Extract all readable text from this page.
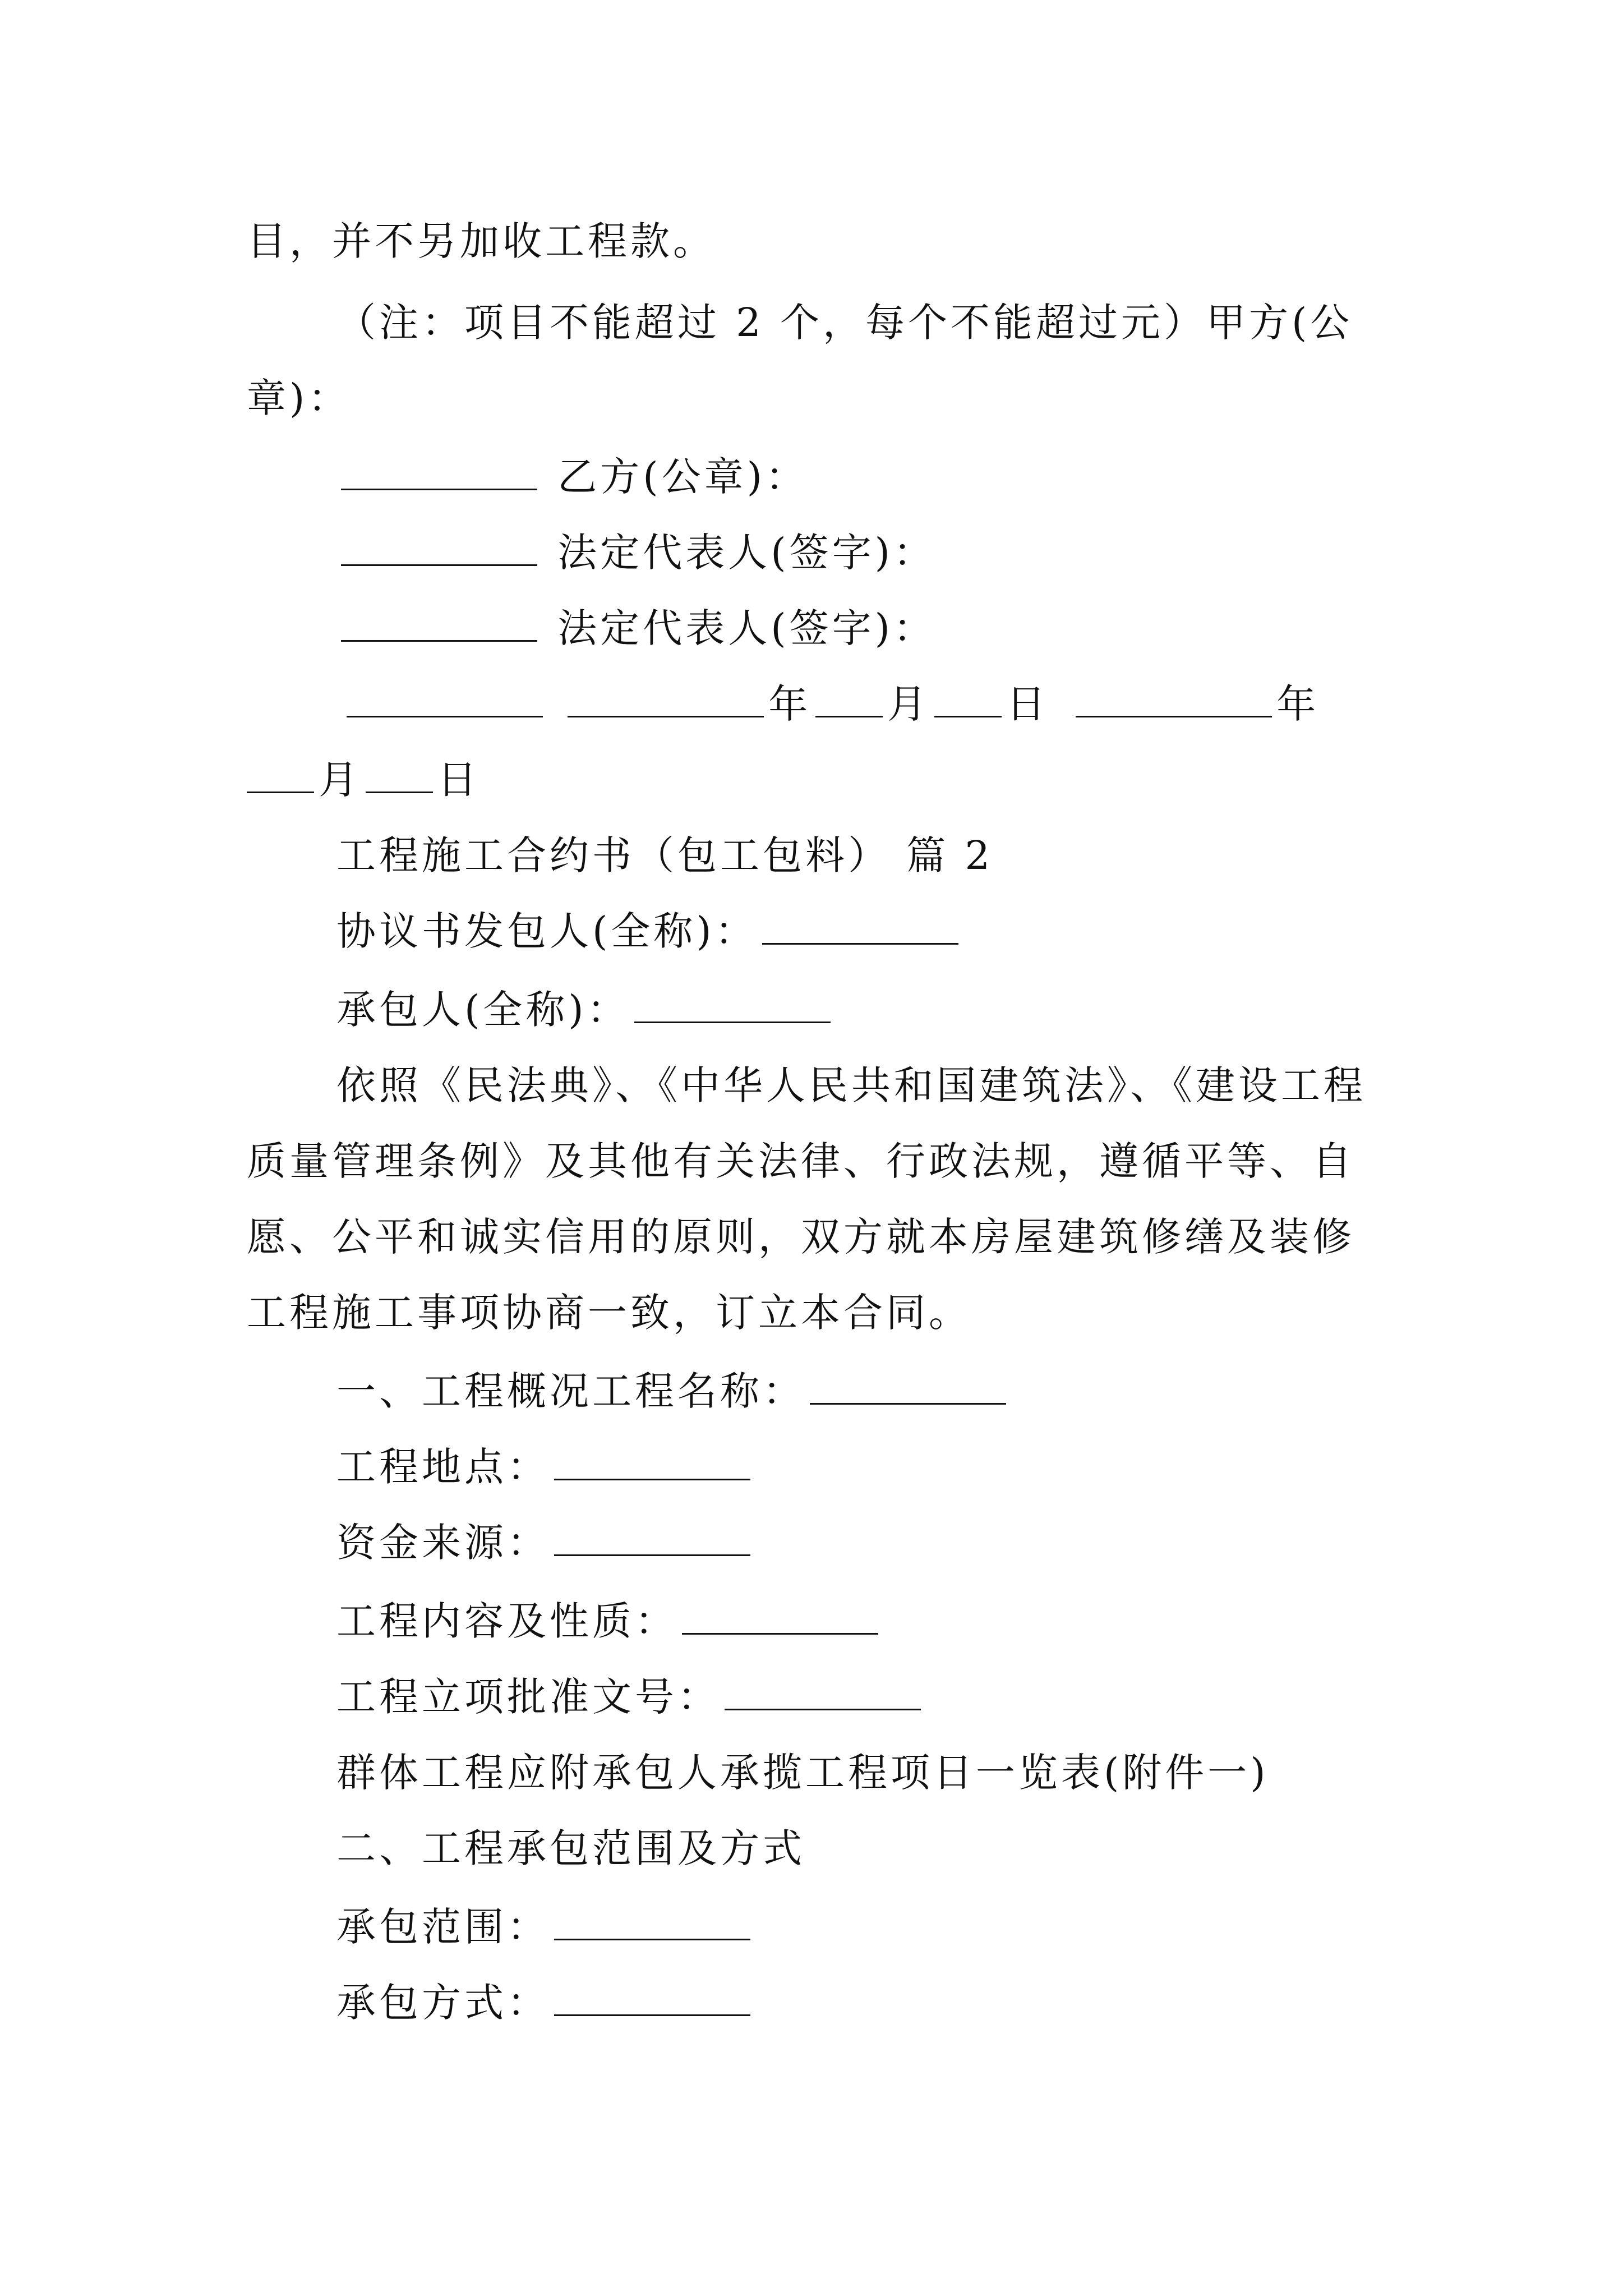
目，并不另加收工程款。
（注：项目不能超过 2 个，每个不能超过元）甲方(公
章)：
乙方(公章)：
法定代表人(签字)：
法定代表人(签字)：
年 月 日	年
月 日
工程施工合约书（包工包料） 篇 2
协议书发包人(全称)：
承包人(全称)：
依照《民法典》、《中华人民共和国建筑法》、《建设工程
质量管理条例》及其他有关法律、行政法规，遵循平等、自
愿、公平和诚实信用的原则，双方就本房屋建筑修缮及装修
工程施工事项协商一致，订立本合同。
一、工程概况工程名称：
工程地点：
资金来源：
工程内容及性质：
工程立项批准文号：
群体工程应附承包人承揽工程项日一览表(附件一)
二、工程承包范围及方式
承包范围：
承包方式：
